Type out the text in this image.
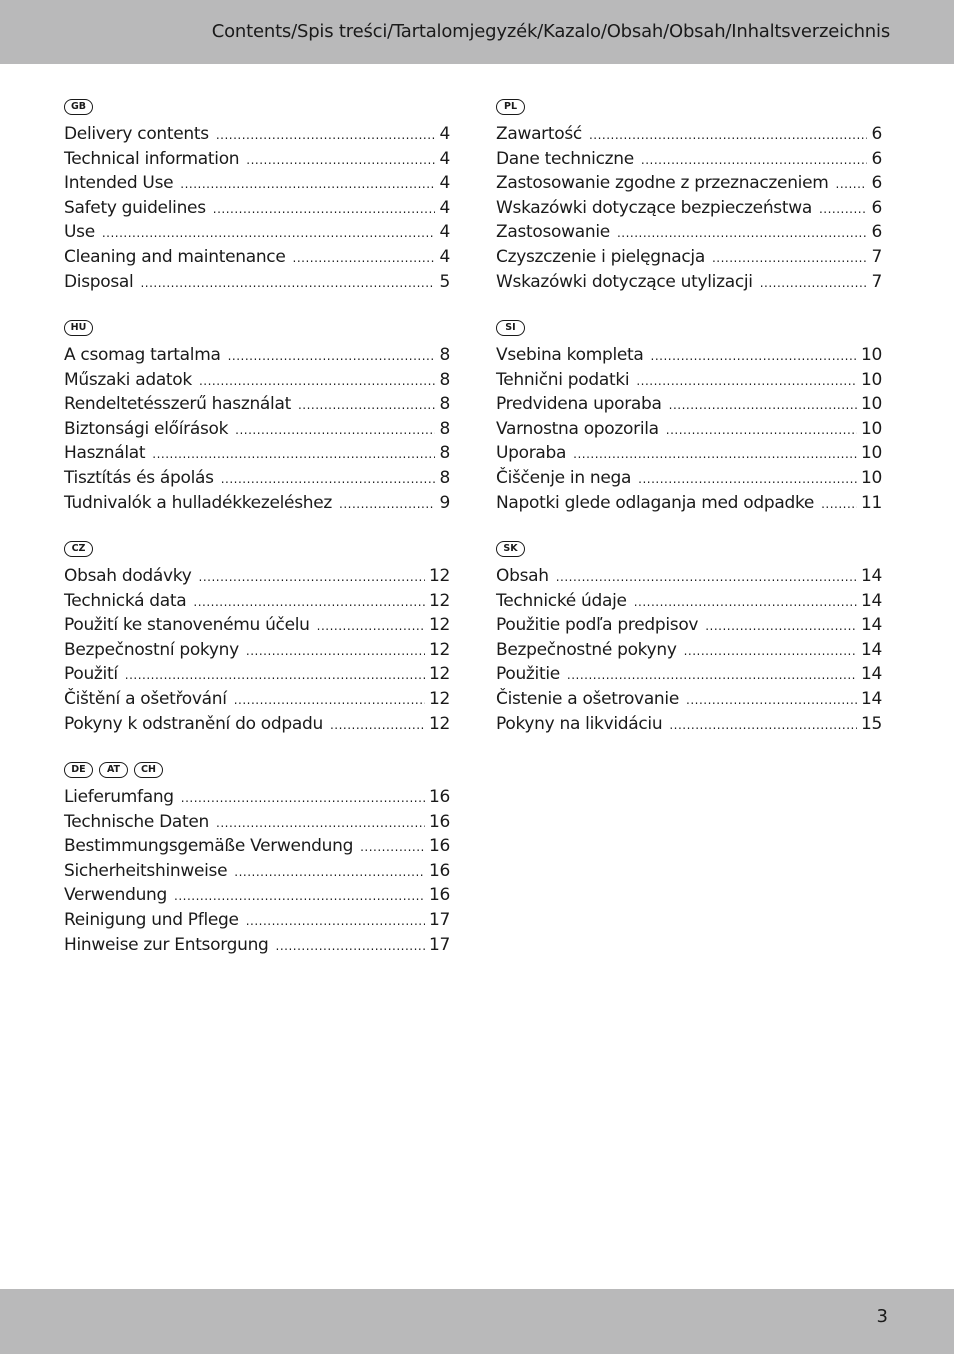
Contents/Spis treści/Tartalomjegyzék/Kazalo/Obsah/Obsah/Inhaltsverzeichnis
GB
Delivery contents .....	4
Technical information .....	4
Intended Use .....	4
Safety guidelines .....	4
Use .....	4
Cleaning and maintenance .....	4
Disposal .....	5
PL
Zawartość .....	6
Dane techniczne .....	6
Zastosowanie zgodne z przeznaczeniem .....	6
Wskazówki dotyczące bezpieczeństwa .....	6
Zastosowanie .....	6
Czyszczenie i pielęgnacja .....	7
Wskazówki dotyczące utylizacji .....	7
HU
A csomag tartalma .....	8
Műszaki adatok .....	8
Rendeltetésszerű használat .....	8
Biztonsági előírások .....	8
Használat .....	8
Tisztítás és ápolás .....	8
Tudnivalók a hulladékkezeléshez .....	9
SI
Vsebina kompleta .....	10
Tehnični podatki .....	10
Predvidena uporaba .....	10
Varnostna opozorila .....	10
Uporaba .....	10
Čiščenje in nega .....	10
Napotki glede odlaganja med odpadke .....	11
CZ
Obsah dodávky .....	12
Technická data .....	12
Použití ke stanovenému účelu .....	12
Bezpečnostní pokyny .....	12
Použití .....	12
Čištění a ošetřování .....	12
Pokyny k odstranění do odpadu .....	12
SK
Obsah .....	14
Technické údaje .....	14
Použitie podľa predpisov .....	14
Bezpečnostné pokyny .....	14
Použitie .....	14
Čistenie a ošetrovanie .....	14
Pokyny na likvidáciu .....	15
DE	AT	CH
Lieferumfang .....	16
Technische Daten .....	16
Bestimmungsgemäße Verwendung .....	16
Sicherheitshinweise .....	16
Verwendung .....	16
Reinigung und Pflege .....	17
Hinweise zur Entsorgung .....	17
3
